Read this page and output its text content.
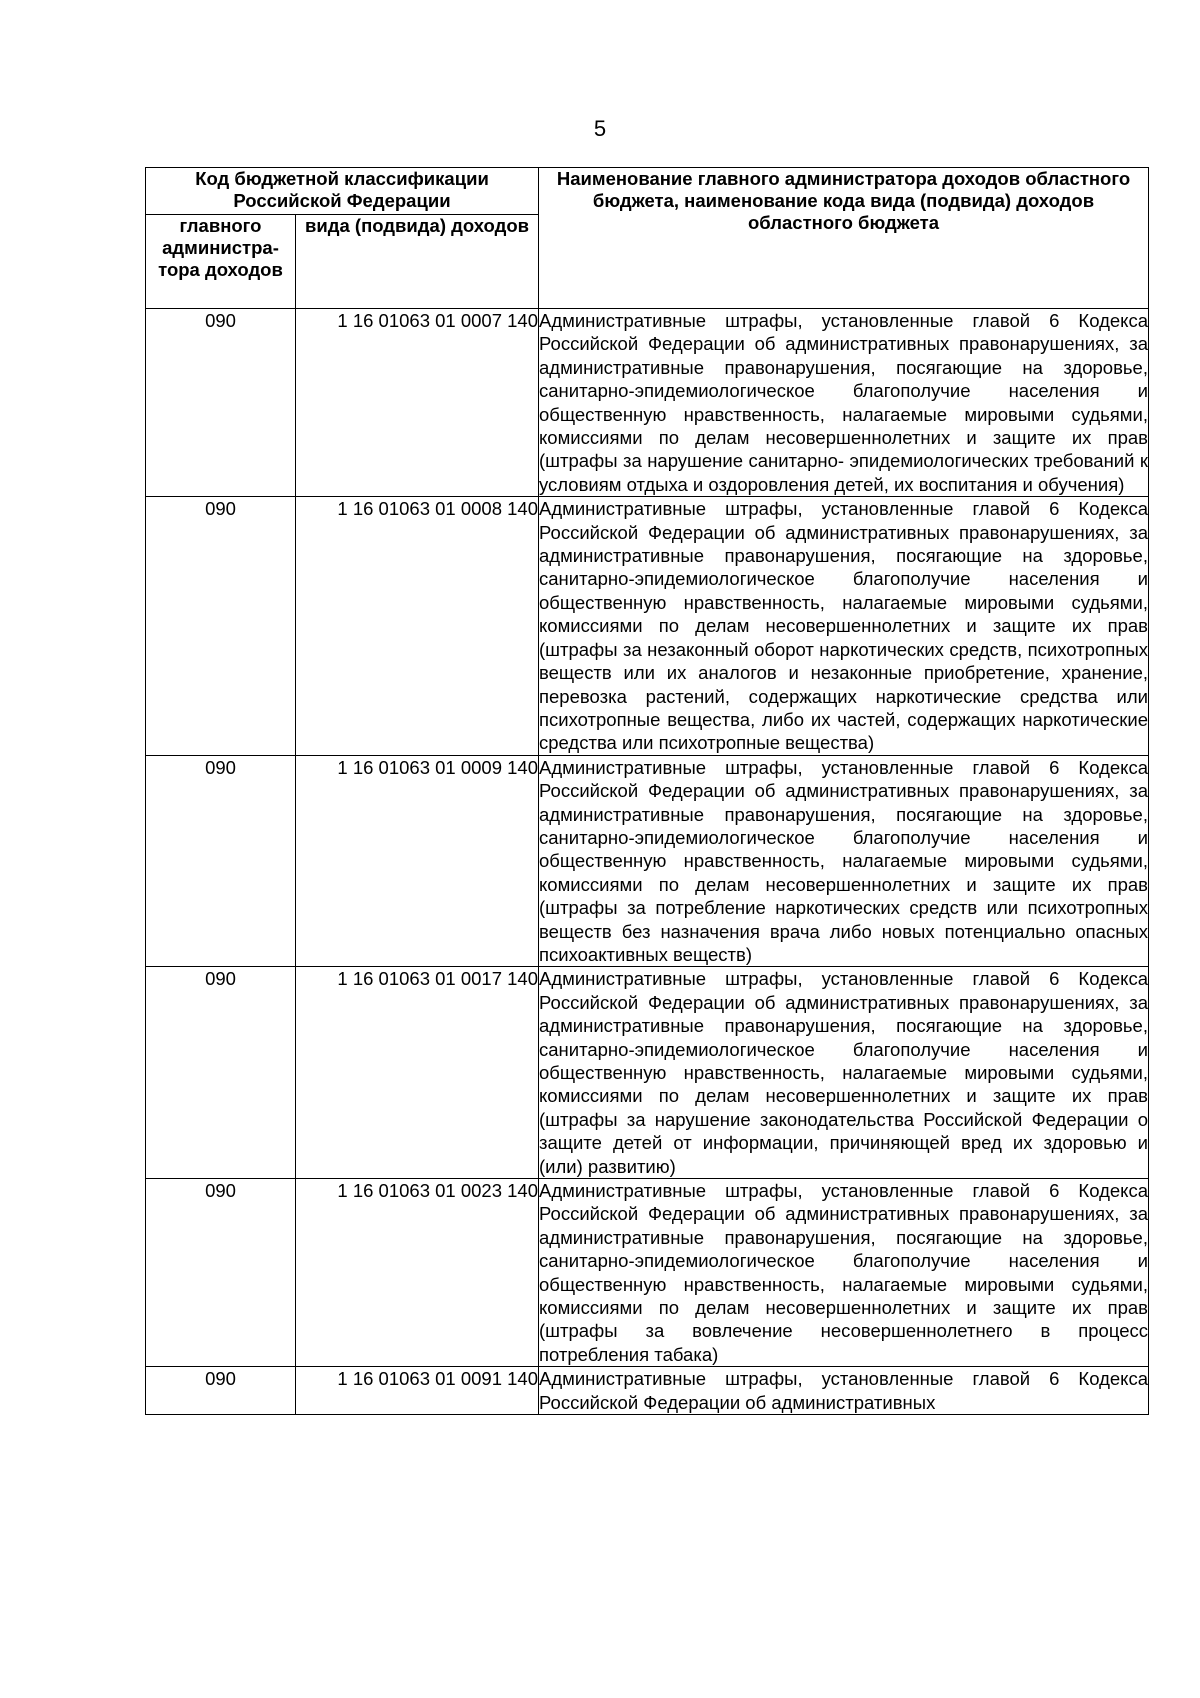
5
Код бюджетной классификации Российской Федерации		Наименование главного администратора доходов областного бюджета, наименование кода вида (подвида) доходов областного бюджета
главного администра-тора доходов	вида (подвида) доходов	
090	1 16 01063 01 0007 140	Административные штрафы, установленные главой 6 Кодекса Российской Федерации об административных правонарушениях, за административные правонарушения, посягающие на здоровье, санитарно-эпидемиологическое благополучие населения и общественную нравственность, налагаемые мировыми судьями, комиссиями по делам несовершеннолетних и защите их прав (штрафы за нарушение санитарно- эпидемиологических требований к условиям отдыха и оздоровления детей, их воспитания и обучения)
090	1 16 01063 01 0008 140	Административные штрафы, установленные главой 6 Кодекса Российской Федерации об административных правонарушениях, за административные правонарушения, посягающие на здоровье, санитарно-эпидемиологическое благополучие населения и общественную нравственность, налагаемые мировыми судьями, комиссиями по делам несовершеннолетних и защите их прав (штрафы за незаконный оборот наркотических средств, психотропных веществ или их аналогов и незаконные приобретение, хранение, перевозка растений, содержащих наркотические средства или психотропные вещества, либо их частей, содержащих наркотические средства или психотропные вещества)
090	1 16 01063 01 0009 140	Административные штрафы, установленные главой 6 Кодекса Российской Федерации об административных правонарушениях, за административные правонарушения, посягающие на здоровье, санитарно-эпидемиологическое благополучие населения и общественную нравственность, налагаемые мировыми судьями, комиссиями по делам несовершеннолетних и защите их прав (штрафы за потребление наркотических средств или психотропных веществ без назначения врача либо новых потенциально опасных психоактивных веществ)
090	1 16 01063 01 0017 140	Административные штрафы, установленные главой 6 Кодекса Российской Федерации об административных правонарушениях, за административные правонарушения, посягающие на здоровье, санитарно-эпидемиологическое благополучие населения и общественную нравственность, налагаемые мировыми судьями, комиссиями по делам несовершеннолетних и защите их прав (штрафы за нарушение законодательства Российской Федерации о защите детей от информации, причиняющей вред их здоровью и (или) развитию)
090	1 16 01063 01 0023 140	Административные штрафы, установленные главой 6 Кодекса Российской Федерации об административных правонарушениях, за административные правонарушения, посягающие на здоровье, санитарно-эпидемиологическое благополучие населения и общественную нравственность, налагаемые мировыми судьями, комиссиями по делам несовершеннолетних и защите их прав (штрафы за вовлечение несовершеннолетнего в процесс потребления табака)
090	1 16 01063 01 0091 140	Административные штрафы, установленные главой 6 Кодекса Российской Федерации об административных
